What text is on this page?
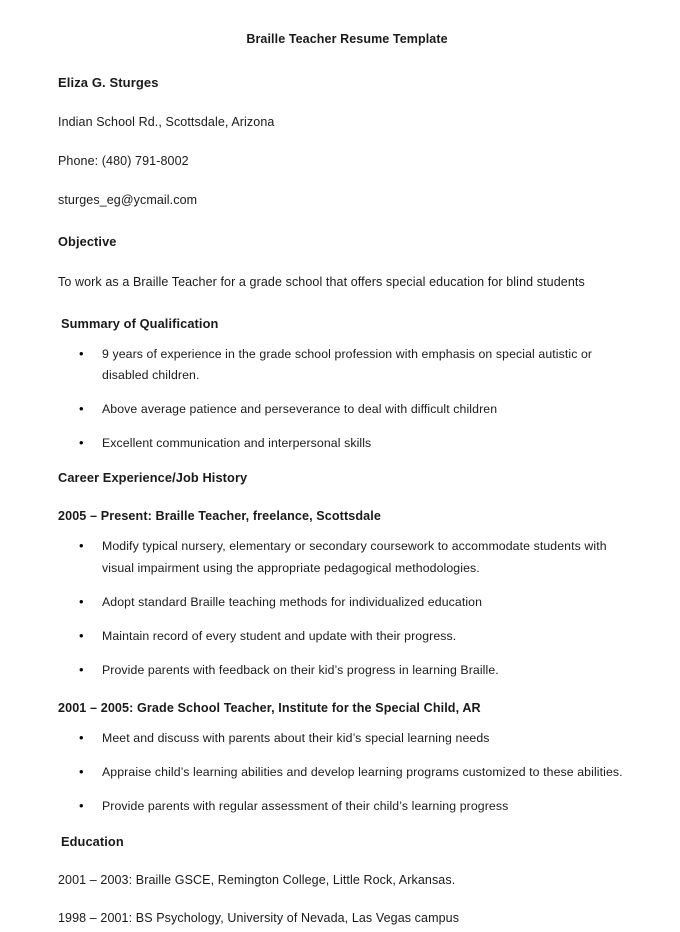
Braille Teacher Resume Template
Eliza G. Sturges
Indian School Rd., Scottsdale, Arizona
Phone: (480) 791-8002
sturges_eg@ycmail.com
Objective
To work as a Braille Teacher for a grade school that offers special education for blind students
Summary of Qualification
• 9 years of experience in the grade school profession with emphasis on special autistic or disabled children.
• Above average patience and perseverance to deal with difficult children
• Excellent communication and interpersonal skills
Career Experience/Job History
2005 – Present: Braille Teacher, freelance, Scottsdale
• Modify typical nursery, elementary or secondary coursework to accommodate students with visual impairment using the appropriate pedagogical methodologies.
• Adopt standard Braille teaching methods for individualized education
• Maintain record of every student and update with their progress.
• Provide parents with feedback on their kid’s progress in learning Braille.
2001 – 2005: Grade School Teacher, Institute for the Special Child, AR
• Meet and discuss with parents about their kid’s special learning needs
• Appraise child’s learning abilities and develop learning programs customized to these abilities.
• Provide parents with regular assessment of their child’s learning progress
Education
2001 – 2003: Braille GSCE, Remington College, Little Rock, Arkansas.
1998 – 2001: BS Psychology, University of Nevada, Las Vegas campus
